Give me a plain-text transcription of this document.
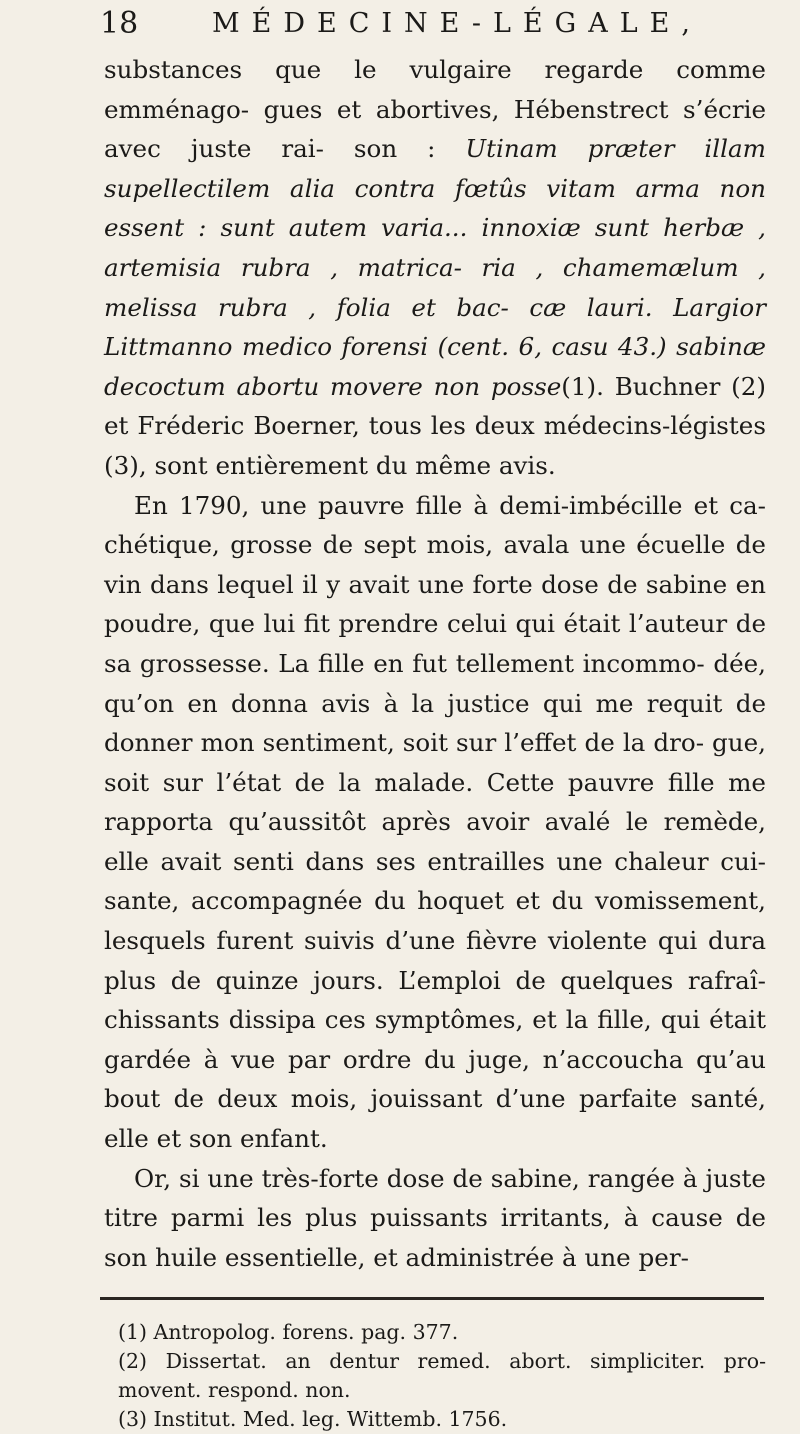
18	MÉDECINE-LÉGALE,

substances que le vulgaire regarde comme emménago- gues et abortives, Hébenstrect s’écrie avec juste rai- son : Utinam præter illam supellectilem alia contra fœtûs vitam arma non essent : sunt autem varia... innoxiæ sunt herbæ , artemisia rubra , matrica- ria , chamemælum , melissa rubra , folia et bac- cæ lauri. Largior Littmanno medico forensi (cent. 6, casu 43.) sabinæ decoctum abortu movere non posse(1). Buchner (2) et Fréderic Boerner, tous les deux médecins-légistes (3), sont entièrement du même avis.

En 1790, une pauvre fille à demi-imbécille et ca- chétique, grosse de sept mois, avala une écuelle de vin dans lequel il y avait une forte dose de sabine en poudre, que lui fit prendre celui qui était l’auteur de sa grossesse. La fille en fut tellement incommo- dée, qu’on en donna avis à la justice qui me requit de donner mon sentiment, soit sur l’effet de la dro- gue, soit sur l’état de la malade. Cette pauvre fille me rapporta qu’aussitôt après avoir avalé le remède, elle avait senti dans ses entrailles une chaleur cui- sante, accompagnée du hoquet et du vomissement, lesquels furent suivis d’une fièvre violente qui dura plus de quinze jours. L’emploi de quelques rafraî- chissants dissipa ces symptômes, et la fille, qui était gardée à vue par ordre du juge, n’accoucha qu’au bout de deux mois, jouissant d’une parfaite santé, elle et son enfant.

Or, si une très-forte dose de sabine, rangée à juste titre parmi les plus puissants irritants, à cause de son huile essentielle, et administrée à une per-

(1) Antropolog. forens. pag. 377.

(2) Dissertat. an dentur remed. abort. simpliciter. pro- movent. respond. non.

(3) Institut. Med. leg. Wittemb. 1756.
